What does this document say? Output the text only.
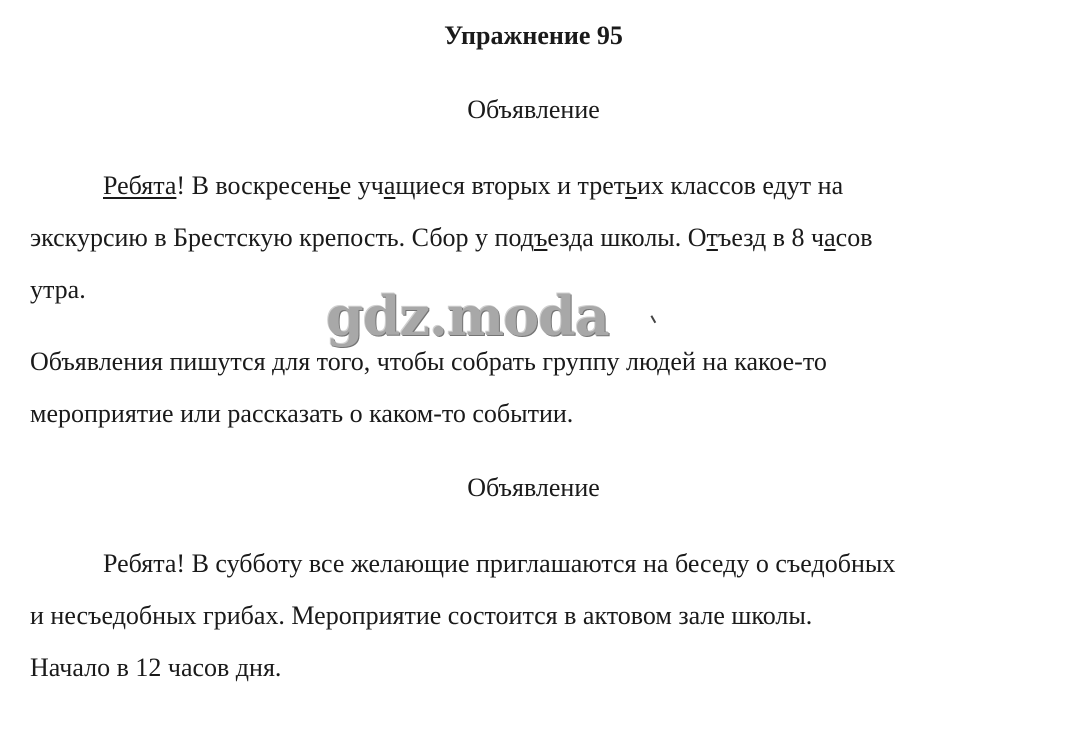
Упражнение 95
Объявление
Ребята! В воскресенье учащиеся вторых и третьих классов едут на
экскурсию в Брестскую крепость. Сбор у подъезда школы. Отъезд в 8 часов
утра.
Объявления пишутся для того, чтобы собрать группу людей на какое-то
мероприятие или рассказать о каком-то событии.
Объявление
Ребята! В субботу все желающие приглашаются на беседу о съедобных
и несъедобных грибах. Мероприятие состоится в актовом зале школы.
Начало в 12 часов дня.
gdz.moda
